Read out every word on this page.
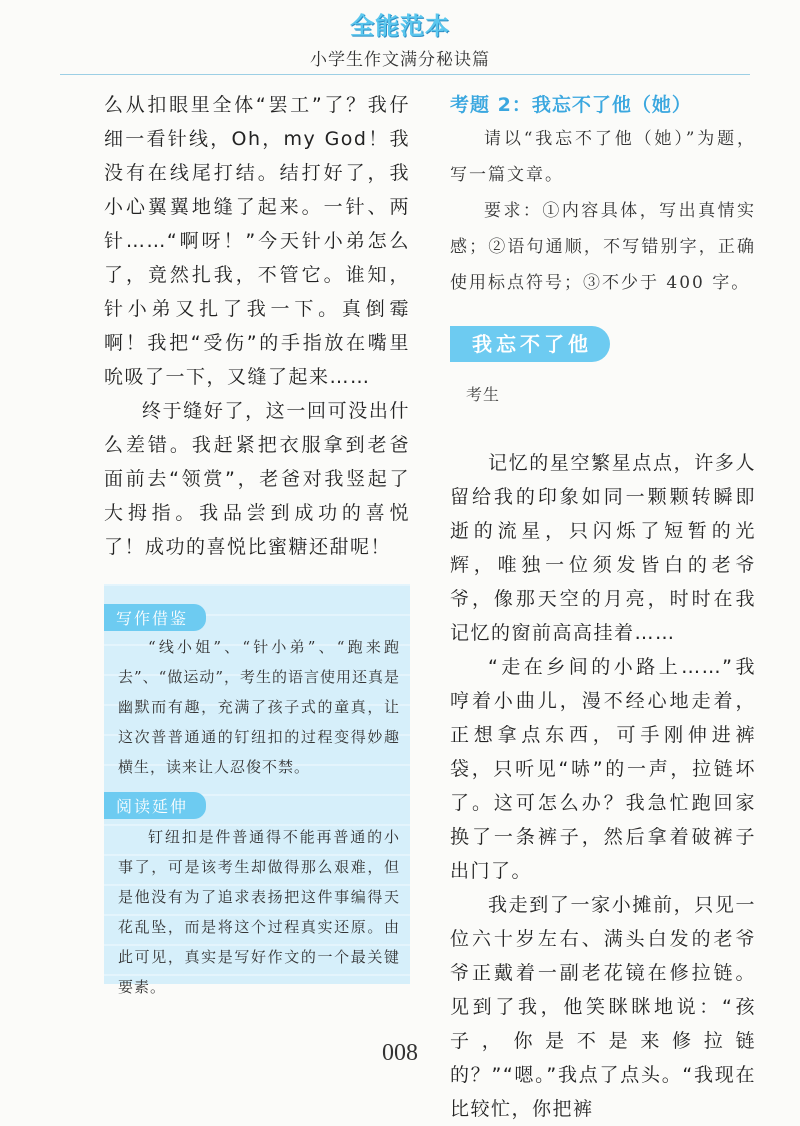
全能范本
小学生作文满分秘诀篇

么从扣眼里全体“罢工”了？我仔细一看针线，Oh，my God！我没有在线尾打结。结打好了，我小心翼翼地缝了起来。一针、两针……“啊呀！”今天针小弟怎么了，竟然扎我，不管它。谁知，针小弟又扎了我一下。真倒霉啊！我把“受伤”的手指放在嘴里吮吸了一下，又缝了起来……

终于缝好了，这一回可没出什么差错。我赶紧把衣服拿到老爸面前去“领赏”，老爸对我竖起了大拇指。我品尝到成功的喜悦了！成功的喜悦比蜜糖还甜呢！

写作借鉴

“线小姐”、“针小弟”、“跑来跑去”、“做运动”，考生的语言使用还真是幽默而有趣，充满了孩子式的童真，让这次普普通通的钉纽扣的过程变得妙趣横生，读来让人忍俊不禁。

阅读延伸

钉纽扣是件普通得不能再普通的小事了，可是该考生却做得那么艰难，但是他没有为了追求表扬把这件事编得天花乱坠，而是将这个过程真实还原。由此可见，真实是写好作文的一个最关键要素。

考题 2：我忘不了他（她）

请以“我忘不了他（她）”为题，写一篇文章。

要求：①内容具体，写出真情实感；②语句通顺，不写错别字，正确使用标点符号；③不少于 400 字。

我忘不了他
考生

记忆的星空繁星点点，许多人留给我的印象如同一颗颗转瞬即逝的流星，只闪烁了短暂的光辉，唯独一位须发皆白的老爷爷，像那天空的月亮，时时在我记忆的窗前高高挂着……

“走在乡间的小路上……”我哼着小曲儿，漫不经心地走着，正想拿点东西，可手刚伸进裤袋，只听见“哧”的一声，拉链坏了。这可怎么办？我急忙跑回家换了一条裤子，然后拿着破裤子出门了。

我走到了一家小摊前，只见一位六十岁左右、满头白发的老爷爷正戴着一副老花镜在修拉链。见到了我，他笑眯眯地说：“孩子，你是不是来修拉链的？”“嗯。”我点了点头。“我现在比较忙，你把裤

008
